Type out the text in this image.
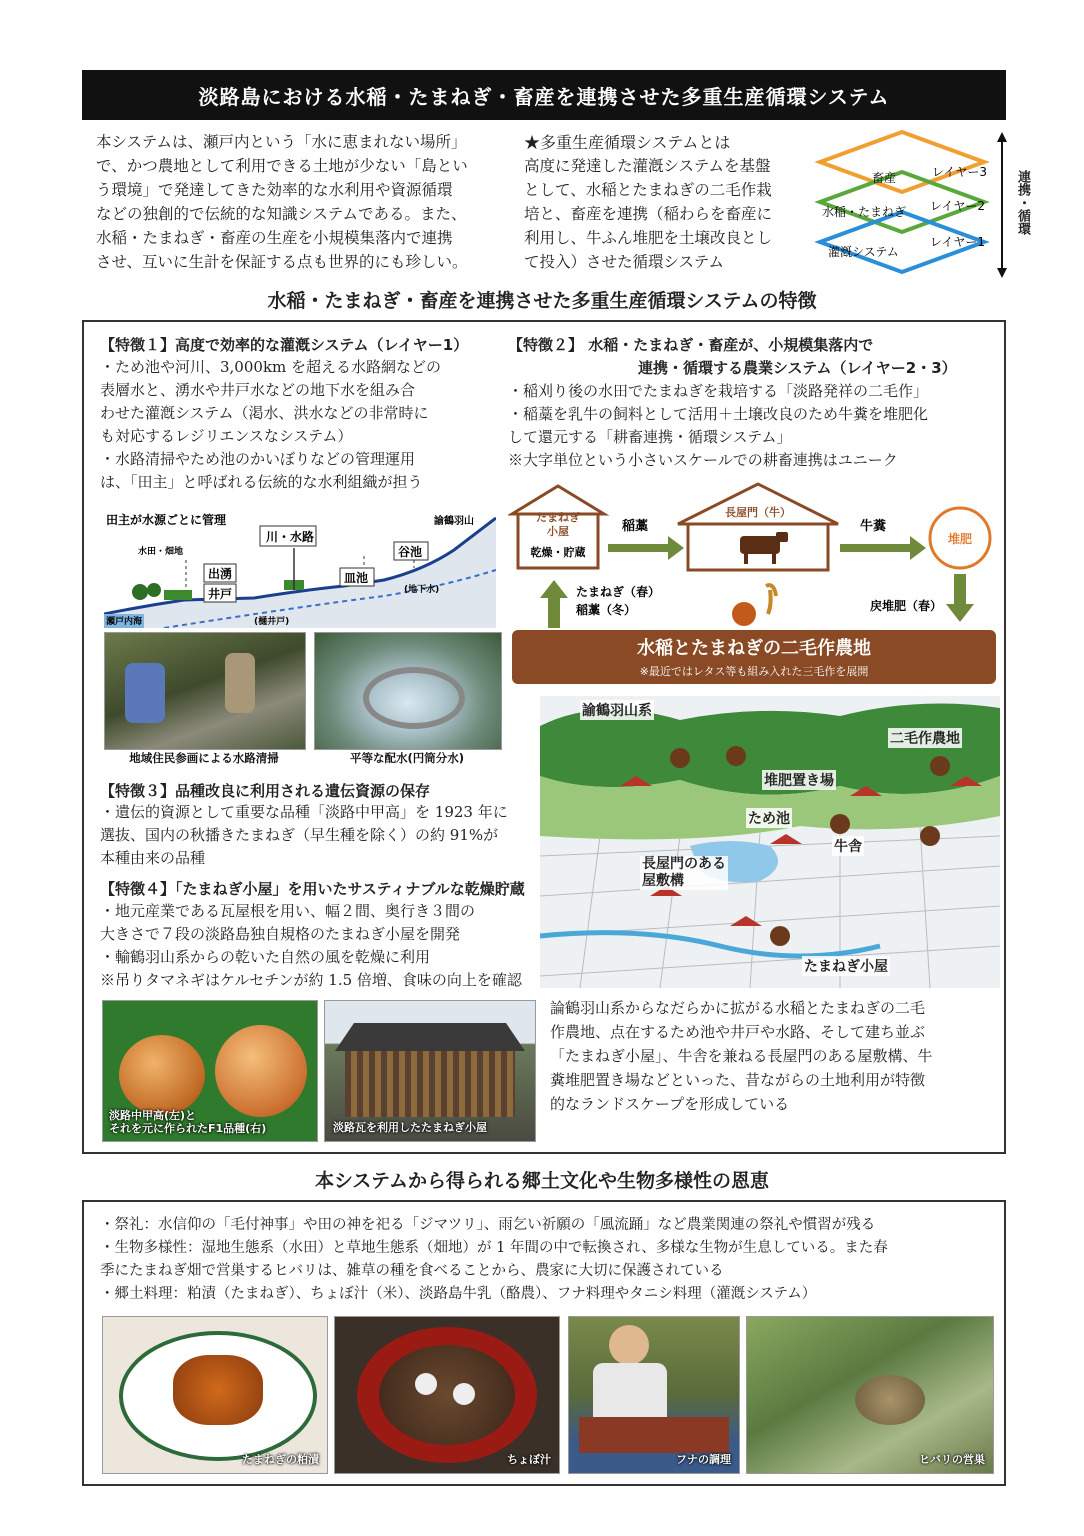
淡路島における水稲・たまねぎ・畜産を連携させた多重生産循環システム
本システムは、瀬戸内という「水に恵まれない場所」
で、かつ農地として利用できる土地が少ない「島とい
う環境」で発達してきた効率的な水利用や資源循環
などの独創的で伝統的な知識システムである。また、
水稲・たまねぎ・畜産の生産を小規模集落内で連携
させ、互いに生計を保証する点も世界的にも珍しい。
★多重生産循環システムとは
高度に発達した灌漑システムを基盤
として、水稲とたまねぎの二毛作栽
培と、畜産を連携（稲わらを畜産に
利用し、牛ふん堆肥を土壌改良とし
て投入）させた循環システム
畜産	レイヤー3
水稲・たまねぎ レイヤー2
灌漑システム
レイヤー1
連携・循環
水稲・たまねぎ・畜産を連携させた多重生産循環システムの特徴
【特徴１】高度で効率的な灌漑システム（レイヤー1）
・ため池や河川、3,000km を超える水路網などの
表層水と、湧水や井戸水などの地下水を組み合
わせた灌漑システム（渇水、洪水などの非常時に
も対応するレジリエンスなシステム）
・水路清掃やため池のかいぼりなどの管理運用
は、「田主」と呼ばれる伝統的な水利組織が担う
田主が水源ごとに管理	諭鶴羽山
水田・畑地
川・水路
出湧
井戸
皿池
谷池
(地下水)
瀬戸内海	(樋井戸)
地域住民参画による水路清掃	平等な配水(円筒分水)
【特徴３】品種改良に利用される遺伝資源の保存
・遺伝的資源として重要な品種「淡路中甲高」を 1923 年に
選抜、国内の秋播きたまねぎ（早生種を除く）の約 91%が
本種由来の品種
【特徴４】「たまねぎ小屋」を用いたサスティナブルな乾燥貯蔵
・地元産業である瓦屋根を用い、幅２間、奥行き３間の
大きさで７段の淡路島独自規格のたまねぎ小屋を開発
・輸鶴羽山系からの乾いた自然の風を乾燥に利用
※吊りタマネギはケルセチンが約 1.5 倍増、食味の向上を確認
淡路中甲高(左)と
それを元に作られたF1品種(右)	淡路瓦を利用したたまねぎ小屋
【特徴２】 水稲・たまねぎ・畜産が、小規模集落内で
連携・循環する農業システム（レイヤー2・3）
・稲刈り後の水田でたまねぎを栽培する「淡路発祥の二毛作」
・稲藁を乳牛の飼料として活用＋土壌改良のため牛糞を堆肥化
して還元する「耕畜連携・循環システム」
※大字単位という小さいスケールでの耕畜連携はユニーク
たまねぎ小屋
乾燥・貯蔵
稲藁
長屋門（牛）
牛糞
堆肥
戻堆肥（春）
たまねぎ（春）
稲藁（冬）
水稲とたまねぎの二毛作農地
※最近ではレタス等も組み入れた三毛作を展開
諭鶴羽山系
二毛作農地
堆肥置き場
ため池
牛舎
長屋門のある
屋敷構
たまねぎ小屋
論鶴羽山系からなだらかに拡がる水稲とたまねぎの二毛
作農地、点在するため池や井戸や水路、そして建ち並ぶ
「たまねぎ小屋」、牛舎を兼ねる長屋門のある屋敷構、牛
糞堆肥置き場などといった、昔ながらの土地利用が特徴
的なランドスケープを形成している
本システムから得られる郷土文化や生物多様性の恩恵
・祭礼：水信仰の「毛付神事」や田の神を祀る「ジマツリ」、雨乞い祈願の「風流踊」など農業関連の祭礼や慣習が残る
・生物多様性：湿地生態系（水田）と草地生態系（畑地）が 1 年間の中で転換され、多様な生物が生息している。また春
季にたまねぎ畑で営巣するヒバリは、雑草の種を食べることから、農家に大切に保護されている
・郷土料理：粕漬（たまねぎ）、ちょぼ汁（米）、淡路島牛乳（酪農）、フナ料理やタニシ料理（灌漑システム）
たまねぎの粕漬	ちょぼ汁	フナの調理	ヒバリの営巣
